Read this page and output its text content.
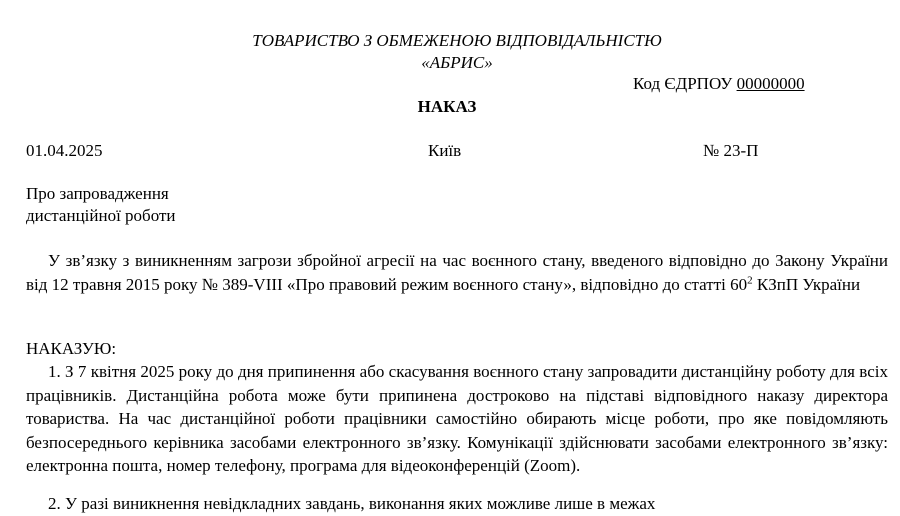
ТОВАРИСТВО З ОБМЕЖЕНОЮ ВІДПОВІДАЛЬНІСТЮ
«АБРИС»
Код ЄДРПОУ 00000000
НАКАЗ
01.04.2025	Київ	№ 23-П
Про запровадження
дистанційної роботи
У зв’язку з виникненням загрози збройної агресії на час воєнного стану, введеного відповідно до Закону України від 12 травня 2015 року № 389-VIII «Про правовий режим воєнного стану», відповідно до статті $60^2$ КЗпП України
НАКАЗУЮ:
1. З 7 квітня 2025 року до дня припинення або скасування воєнного стану запровадити дистанційну роботу для всіх працівників. Дистанційна робота може бути припинена достроково на підставі відповідного наказу директора товариства. На час дистанційної роботи працівники самостійно обирають місце роботи, про яке повідомляють безпосереднього керівника засобами електронного зв’язку. Комунікації здійснювати засобами електронного зв’язку: електронна пошта, номер телефону, програма для відеоконференцій (Zoom).
2. У разі виникнення невідкладних завдань, виконання яких можливе лише в межах
